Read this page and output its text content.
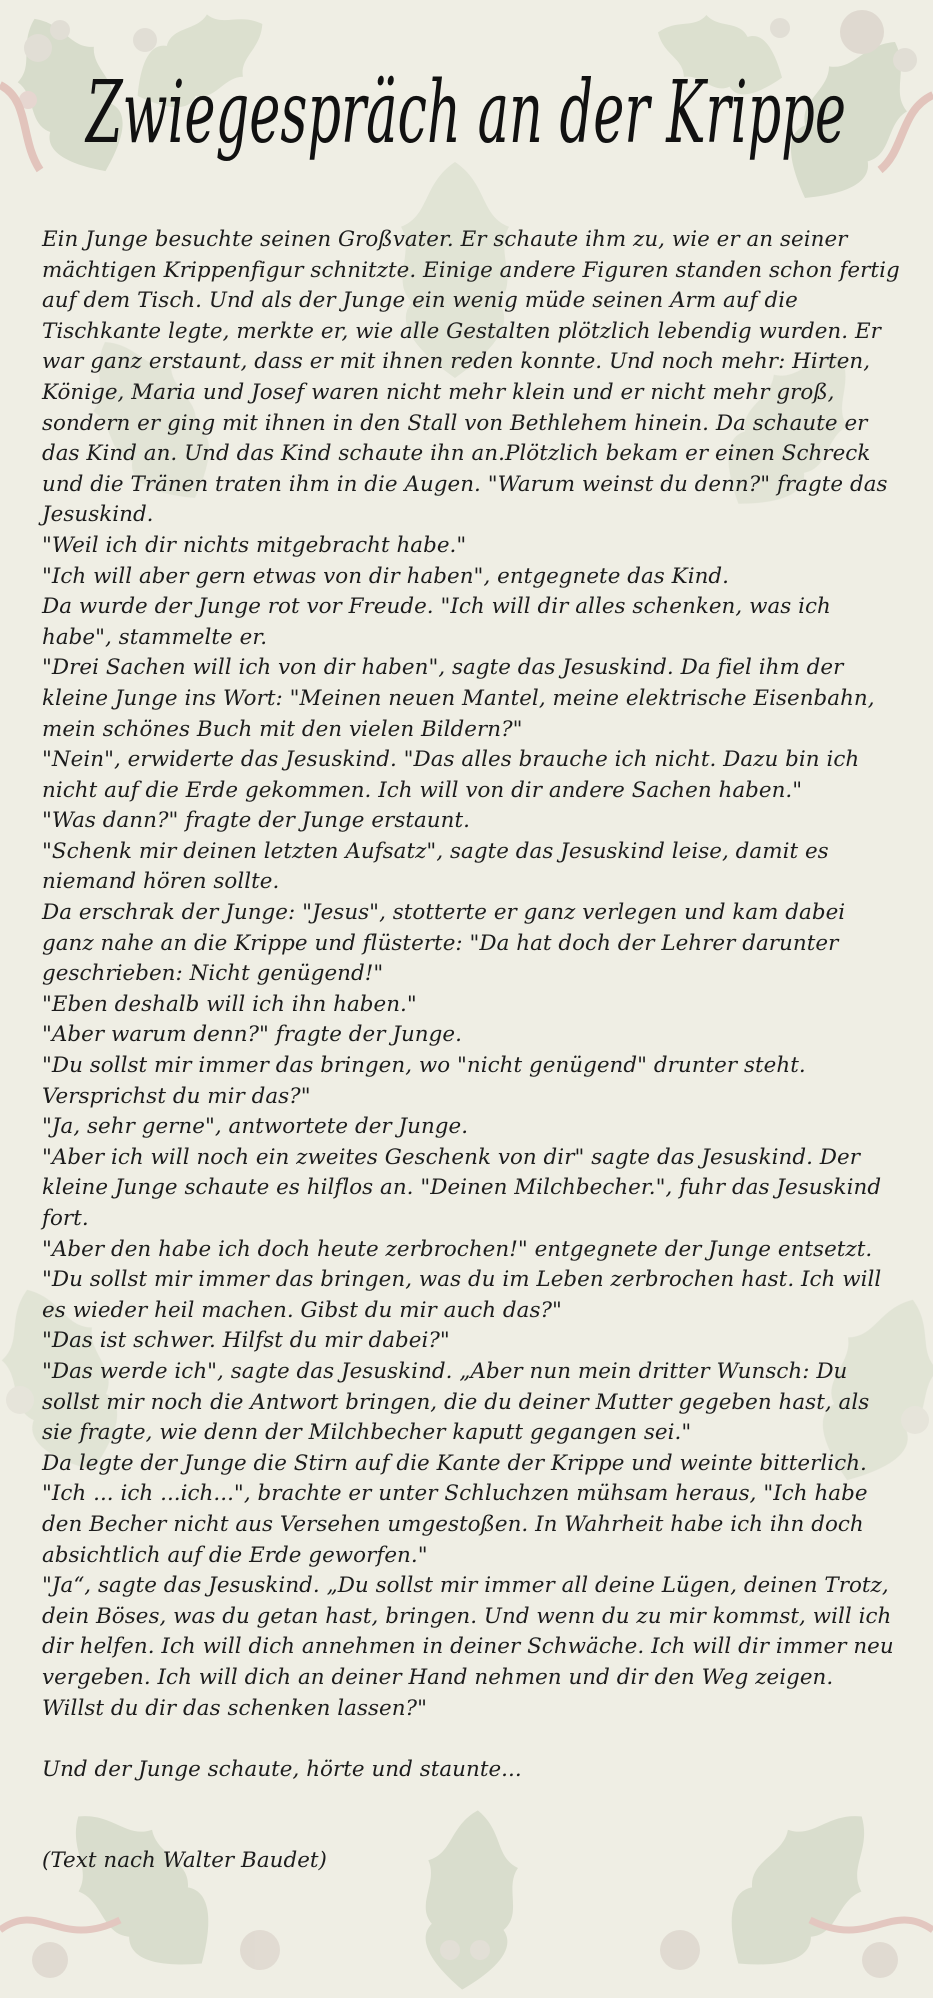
Zwiegespräch an der Krippe

Ein Junge besuchte seinen Großvater. Er schaute ihm zu, wie er an seiner mächtigen Krippenfigur schnitzte. Einige andere Figuren standen schon fertig auf dem Tisch. Und als der Junge ein wenig müde seinen Arm auf die Tischkante legte, merkte er, wie alle Gestalten plötzlich lebendig wurden. Er war ganz erstaunt, dass er mit ihnen reden konnte. Und noch mehr: Hirten, Könige, Maria und Josef waren nicht mehr klein und er nicht mehr groß, sondern er ging mit ihnen in den Stall von Bethlehem hinein. Da schaute er das Kind an. Und das Kind schaute ihn an.Plötzlich bekam er einen Schreck und die Tränen traten ihm in die Augen. "Warum weinst du denn?" fragte das Jesuskind.

"Weil ich dir nichts mitgebracht habe."

"Ich will aber gern etwas von dir haben", entgegnete das Kind.

Da wurde der Junge rot vor Freude. "Ich will dir alles schenken, was ich habe", stammelte er.

"Drei Sachen will ich von dir haben", sagte das Jesuskind. Da fiel ihm der kleine Junge ins Wort: "Meinen neuen Mantel, meine elektrische Eisenbahn, mein schönes Buch mit den vielen Bildern?"

"Nein", erwiderte das Jesuskind. "Das alles brauche ich nicht. Dazu bin ich nicht auf die Erde gekommen. Ich will von dir andere Sachen haben."

"Was dann?" fragte der Junge erstaunt.

"Schenk mir deinen letzten Aufsatz", sagte das Jesuskind leise, damit es niemand hören sollte.

Da erschrak der Junge: "Jesus", stotterte er ganz verlegen und kam dabei ganz nahe an die Krippe und flüsterte: "Da hat doch der Lehrer darunter geschrieben: Nicht genügend!"

"Eben deshalb will ich ihn haben."

"Aber warum denn?" fragte der Junge.

"Du sollst mir immer das bringen, wo "nicht genügend" drunter steht. Versprichst du mir das?"

"Ja, sehr gerne", antwortete der Junge.

"Aber ich will noch ein zweites Geschenk von dir" sagte das Jesuskind. Der kleine Junge schaute es hilflos an. "Deinen Milchbecher.", fuhr das Jesuskind fort.

"Aber den habe ich doch heute zerbrochen!" entgegnete der Junge entsetzt.

"Du sollst mir immer das bringen, was du im Leben zerbrochen hast. Ich will es wieder heil machen. Gibst du mir auch das?"

"Das ist schwer. Hilfst du mir dabei?"

"Das werde ich", sagte das Jesuskind. „Aber nun mein dritter Wunsch: Du sollst mir noch die Antwort bringen, die du deiner Mutter gegeben hast, als sie fragte, wie denn der Milchbecher kaputt gegangen sei."

Da legte der Junge die Stirn auf die Kante der Krippe und weinte bitterlich. "Ich ... ich ...ich...", brachte er unter Schluchzen mühsam heraus, "Ich habe den Becher nicht aus Versehen umgestoßen. In Wahrheit habe ich ihn doch absichtlich auf die Erde geworfen."

"Ja“, sagte das Jesuskind. „Du sollst mir immer all deine Lügen, deinen Trotz, dein Böses, was du getan hast, bringen. Und wenn du zu mir kommst, will ich dir helfen. Ich will dich annehmen in deiner Schwäche. Ich will dir immer neu vergeben. Ich will dich an deiner Hand nehmen und dir den Weg zeigen. Willst du dir das schenken lassen?"

Und der Junge schaute, hörte und staunte...

(Text nach Walter Baudet)
